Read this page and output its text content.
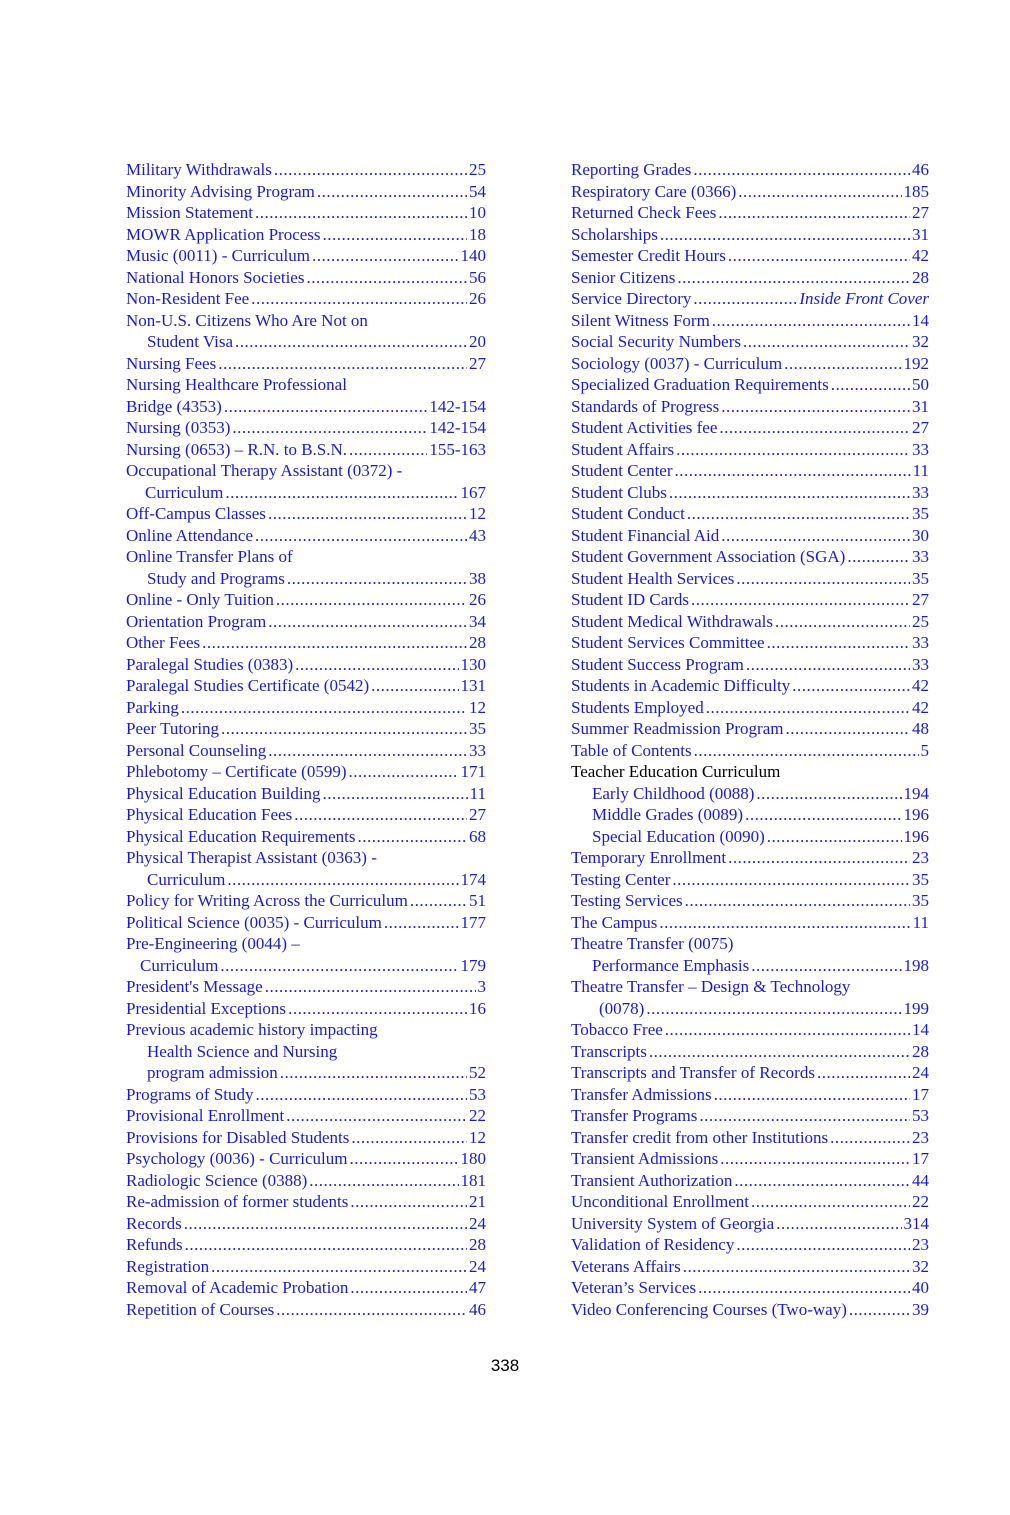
Military Withdrawals .....	25
Minority Advising Program .....	54
Mission Statement .....	10
MOWR Application Process .....	18
Music (0011) - Curriculum .....	140
National Honors Societies .....	56
Non-Resident Fee .....	26
Non-U.S. Citizens Who Are Not on
Student Visa .....	20
Nursing Fees .....	27
Nursing Healthcare Professional
Bridge (4353) .....	142-154
Nursing (0353) .....	142-154
Nursing (0653) – R.N. to B.S.N. .....	155-163
Occupational Therapy Assistant (0372) -
Curriculum .....	167
Off-Campus Classes .....	12
Online Attendance .....	43
Online Transfer Plans of
Study and Programs .....	38
Online - Only Tuition .....	26
Orientation Program .....	34
Other Fees .....	28
Paralegal Studies (0383) .....	130
Paralegal Studies Certificate (0542) .....	131
Parking .....	12
Peer Tutoring .....	35
Personal Counseling .....	33
Phlebotomy – Certificate (0599) .....	171
Physical Education Building .....	11
Physical Education Fees .....	27
Physical Education Requirements .....	68
Physical Therapist Assistant (0363) -
Curriculum .....	174
Policy for Writing Across the Curriculum .....	51
Political Science (0035) - Curriculum .....	177
Pre-Engineering (0044) –
Curriculum .....	179
President's Message .....	3
Presidential Exceptions .....	16
Previous academic history impacting
Health Science and Nursing
program admission .....	52
Programs of Study .....	53
Provisional Enrollment .....	22
Provisions for Disabled Students .....	12
Psychology (0036) - Curriculum .....	180
Radiologic Science (0388) .....	181
Re-admission of former students .....	21
Records .....	24
Refunds .....	28
Registration .....	24
Removal of Academic Probation .....	47
Repetition of Courses .....	46
Reporting Grades .....	46
Respiratory Care (0366) .....	185
Returned Check Fees .....	27
Scholarships .....	31
Semester Credit Hours .....	42
Senior Citizens .....	28
Service Directory .....	Inside Front Cover
Silent Witness Form .....	14
Social Security Numbers .....	32
Sociology (0037) - Curriculum .....	192
Specialized Graduation Requirements .....	50
Standards of Progress .....	31
Student Activities fee .....	27
Student Affairs .....	33
Student Center .....	11
Student Clubs .....	33
Student Conduct .....	35
Student Financial Aid .....	30
Student Government Association (SGA) .....	33
Student Health Services .....	35
Student ID Cards .....	27
Student Medical Withdrawals .....	25
Student Services Committee .....	33
Student Success Program .....	33
Students in Academic Difficulty .....	42
Students Employed .....	42
Summer Readmission Program .....	48
Table of Contents .....	5
Teacher Education Curriculum
Early Childhood (0088) .....	194
Middle Grades (0089) .....	196
Special Education (0090) .....	196
Temporary Enrollment .....	23
Testing Center .....	35
Testing Services .....	35
The Campus .....	11
Theatre Transfer (0075)
Performance Emphasis .....	198
Theatre Transfer – Design & Technology
(0078) .....	199
Tobacco Free .....	14
Transcripts .....	28
Transcripts and Transfer of Records .....	24
Transfer Admissions .....	17
Transfer Programs .....	53
Transfer credit from other Institutions .....	23
Transient Admissions .....	17
Transient Authorization .....	44
Unconditional Enrollment .....	22
University System of Georgia .....	314
Validation of Residency .....	23
Veterans Affairs .....	32
Veteran’s Services .....	40
Video Conferencing Courses (Two-way) .....	39
338
